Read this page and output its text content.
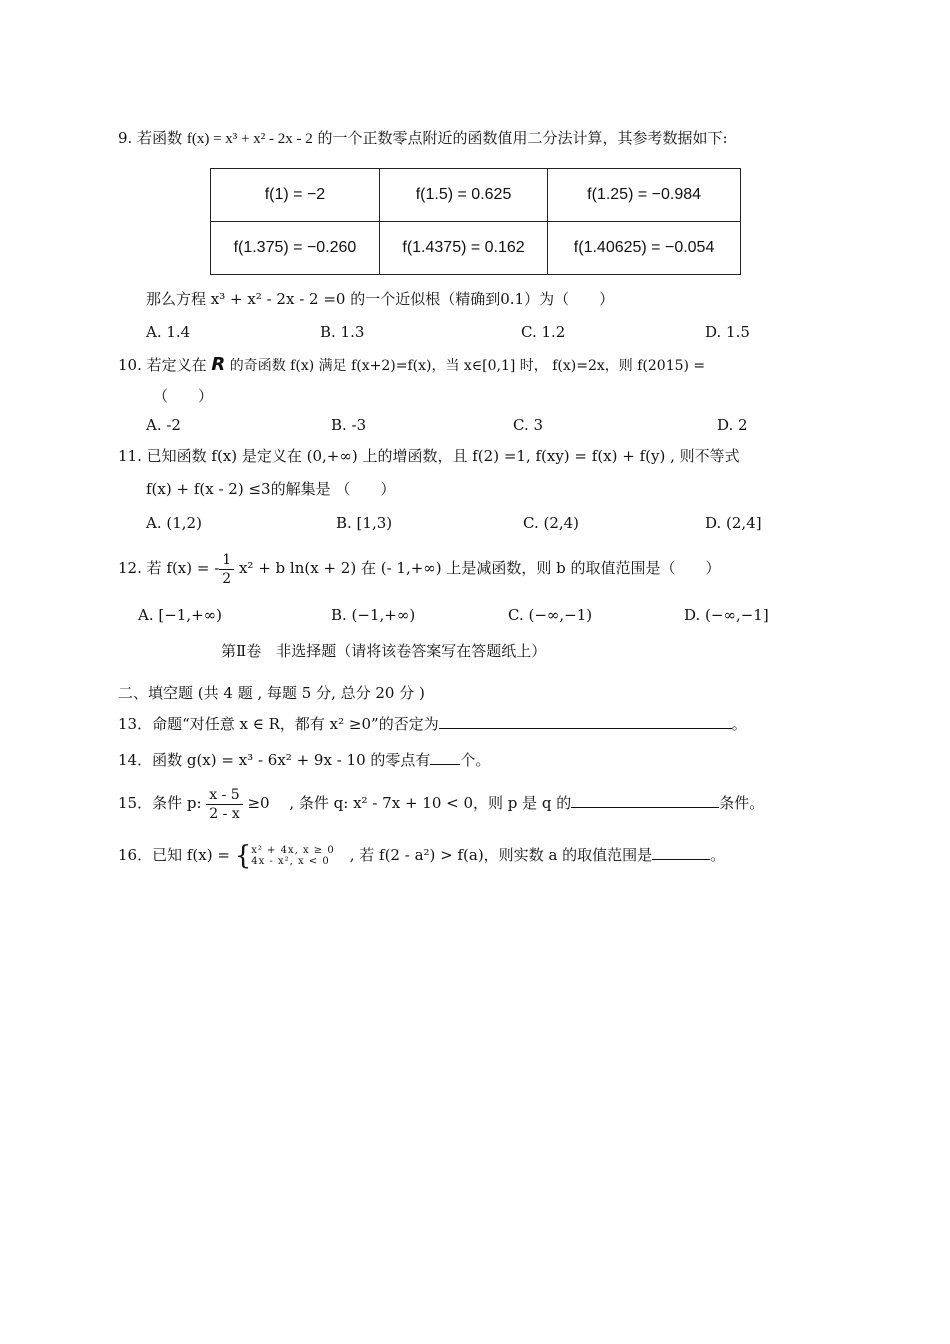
9. 若函数 f(x) = x³ + x² - 2x - 2 的一个正数零点附近的函数值用二分法计算，其参考数据如下:
f(1) = −2	f(1.5) = 0.625	f(1.25) = −0.984
f(1.375) = −0.260	f(1.4375) = 0.162	f(1.40625) = −0.054
那么方程 x³ + x² - 2x - 2 =0 的一个近似根（精确到0.1）为（　　）
A. 1.4	B. 1.3	C. 1.2	D. 1.5
10. 若定义在 R 的奇函数 f(x) 满足 f(x+2)=f(x)，当 x∈[0,1] 时， f(x)=2x，则 f(2015) =
（　　）
A. -2	B. -3	C. 3	D. 2
11. 已知函数 f(x) 是定义在 (0,+∞) 上的增函数，且 f(2) =1, f(xy) = f(x) + f(y) , 则不等式
f(x) + f(x - 2) ≤3的解集是 （　　）
A. (1,2)	B. [1,3)	C. (2,4)	D. (2,4]
12. 若 f(x) = - $\frac{1}{2} x^2 + b$ ln(x + 2) 在 (- 1,+∞) 上是减函数，则 b 的取值范围是（　　）
A. [−1,+∞)	B. (−1,+∞)	C. (−∞,−1)	D. (−∞,−1]
第Ⅱ卷　非选择题（请将该卷答案写在答题纸上）
二、填空题 (共 4 题 , 每题 5 分, 总分 20 分 )
13．命题“对任意 x ∈ R，都有 x² ≥0”的否定为	。
14．函数 g(x) = x³ - 6x² + 9x - 10 的零点有 个。
15．条件 p: $\frac{x - 5}{2 - x} \ge 0$　 , 条件 q: x² - 7x + 10 < 0，则 p 是 q 的	条件。
16．已知 f(x) = { x² + 4x, x ≥ 0
4x - x², x < 0 　, 若 f(2 - a²) > f(a)，则实数 a 的取值范围是	。
